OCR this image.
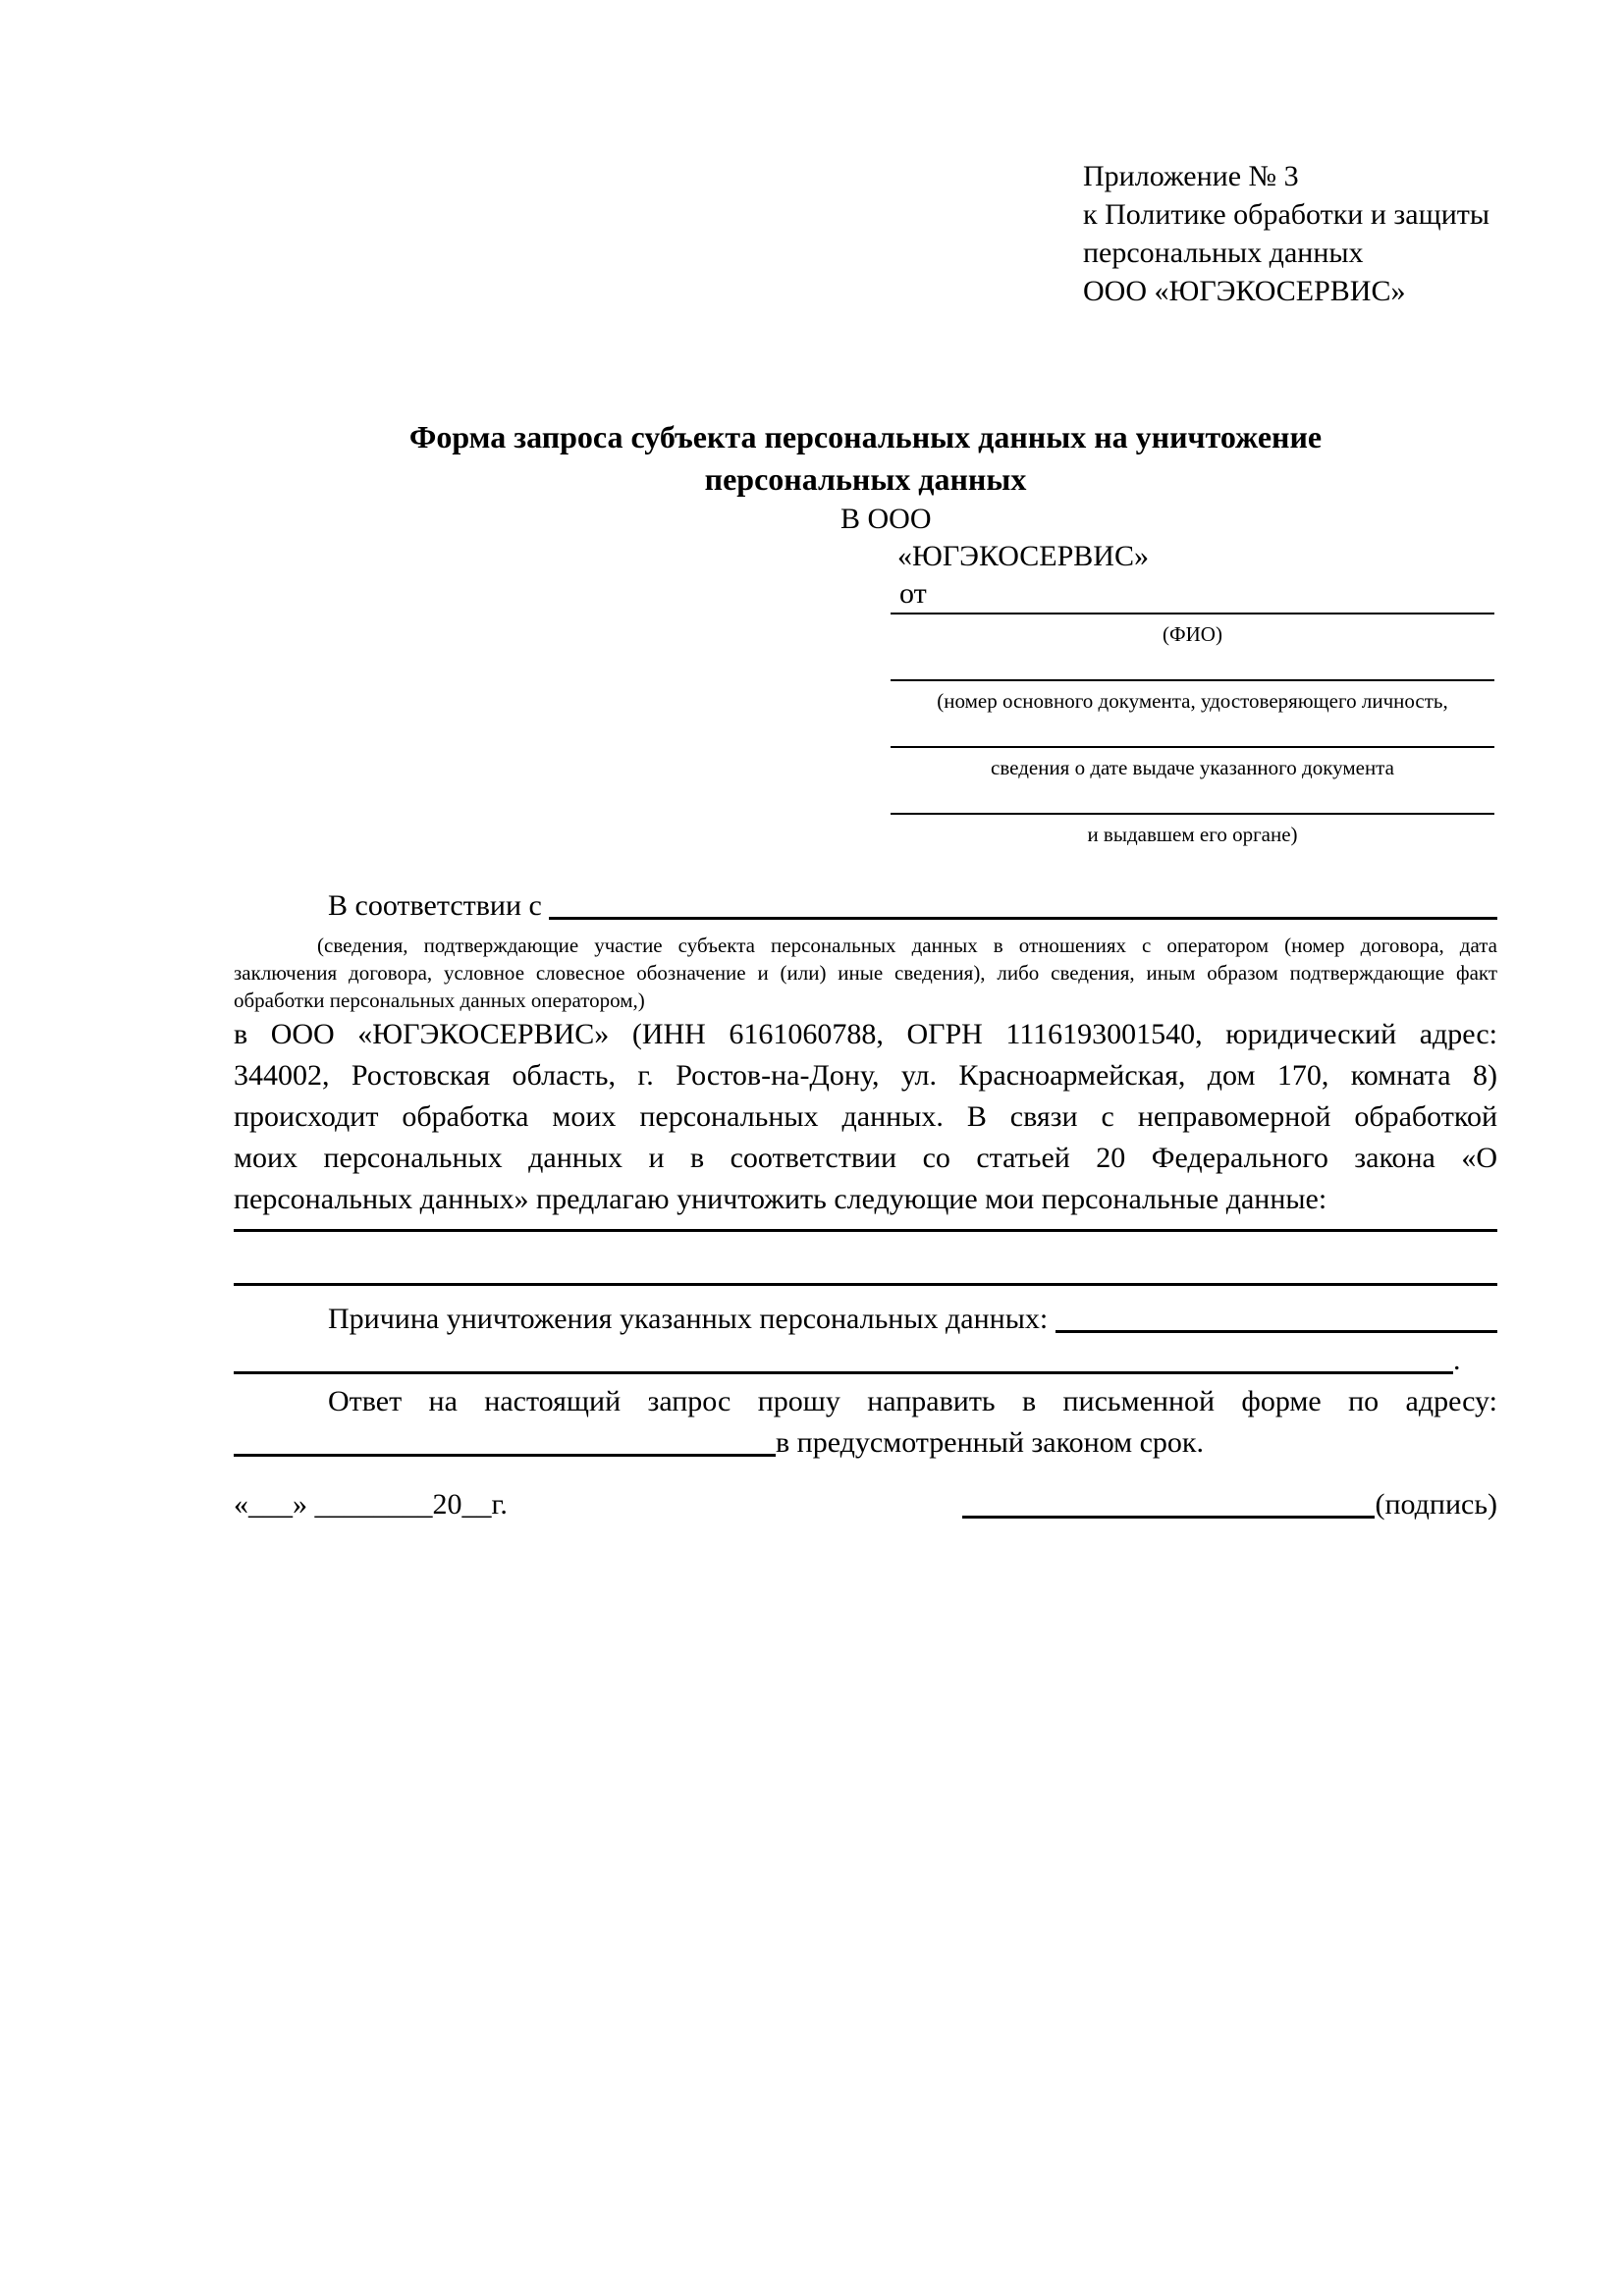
Приложение № 3
к Политике обработки и защиты
персональных данных
ООО «ЮГЭКОСЕРВИС»
Форма запроса субъекта персональных данных на уничтожение
персональных данных
В ООО
«ЮГЭКОСЕРВИС»
от
(ФИО)
(номер основного документа, удостоверяющего личность,
сведения о дате выдаче указанного документа
и выдавшем его органе)
В соответствии с

(сведения, подтверждающие участие субъекта персональных данных в отношениях с оператором (номер договора, дата
заключения договора, условное словесное обозначение и (или) иные сведения), либо сведения, иным образом подтверждающие факт
обработки персональных данных оператором,)
в ООО «ЮГЭКОСЕРВИС» (ИНН 6161060788, ОГРН 1116193001540, юридический адрес:
344002, Ростовская область, г. Ростов-на-Дону, ул. Красноармейская, дом 170, комната 8)
происходит обработка моих персональных данных. В связи с неправомерной обработкой
моих персональных данных и в соответствии со статьей 20 Федерального закона «О
персональных данных» предлагаю уничтожить следующие мои персональные данные:
Причина уничтожения указанных персональных данных:

.
Ответ на настоящий запрос прошу направить в письменной форме по адресу:
в предусмотренный законом срок.
«___» ________20__г.	(подпись)
